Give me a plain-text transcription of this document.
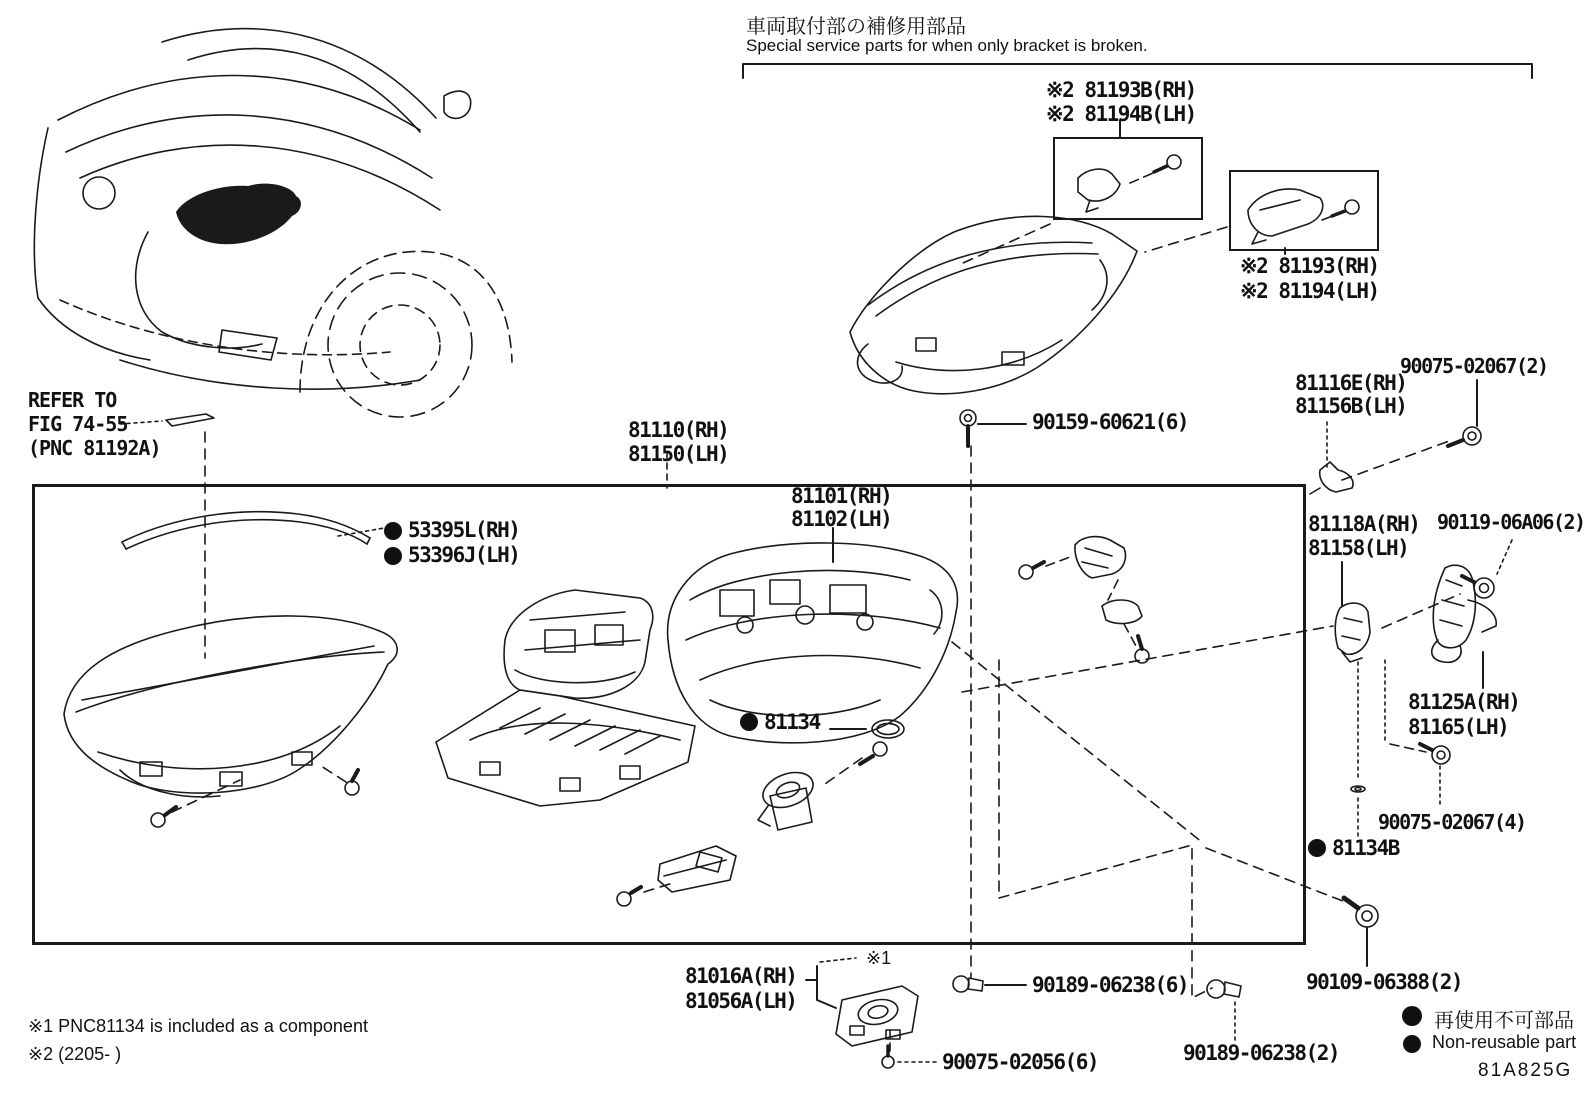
車両取付部の補修用部品
Special service parts for when only bracket is broken.
※2 81193B(RH)
※2 81194B(LH)
※2 81193(RH)
※2 81194(LH)
90075-02067(2)
81116E(RH)
81156B(LH)
90159-60621(6)
81110(RH)
81150(LH)
81101(RH)
81102(LH)	81118A(RH)
81158(LH)
90119-06A06(2)
81125A(RH)
81165(LH)
53395L(RH)
53396J(LH)
81134
90075-02067(4)
81134B
REFER TO
FIG 74-55
(PNC 81192A)
81016A(RH)
81056A(LH)
※1
90189-06238(6)
90075-02056(6)	90189-06238(2)
90109-06388(2)
再使用不可部品
Non-reusable part
81A825G
※1 PNC81134 is included as a component
※2 (2205- )
